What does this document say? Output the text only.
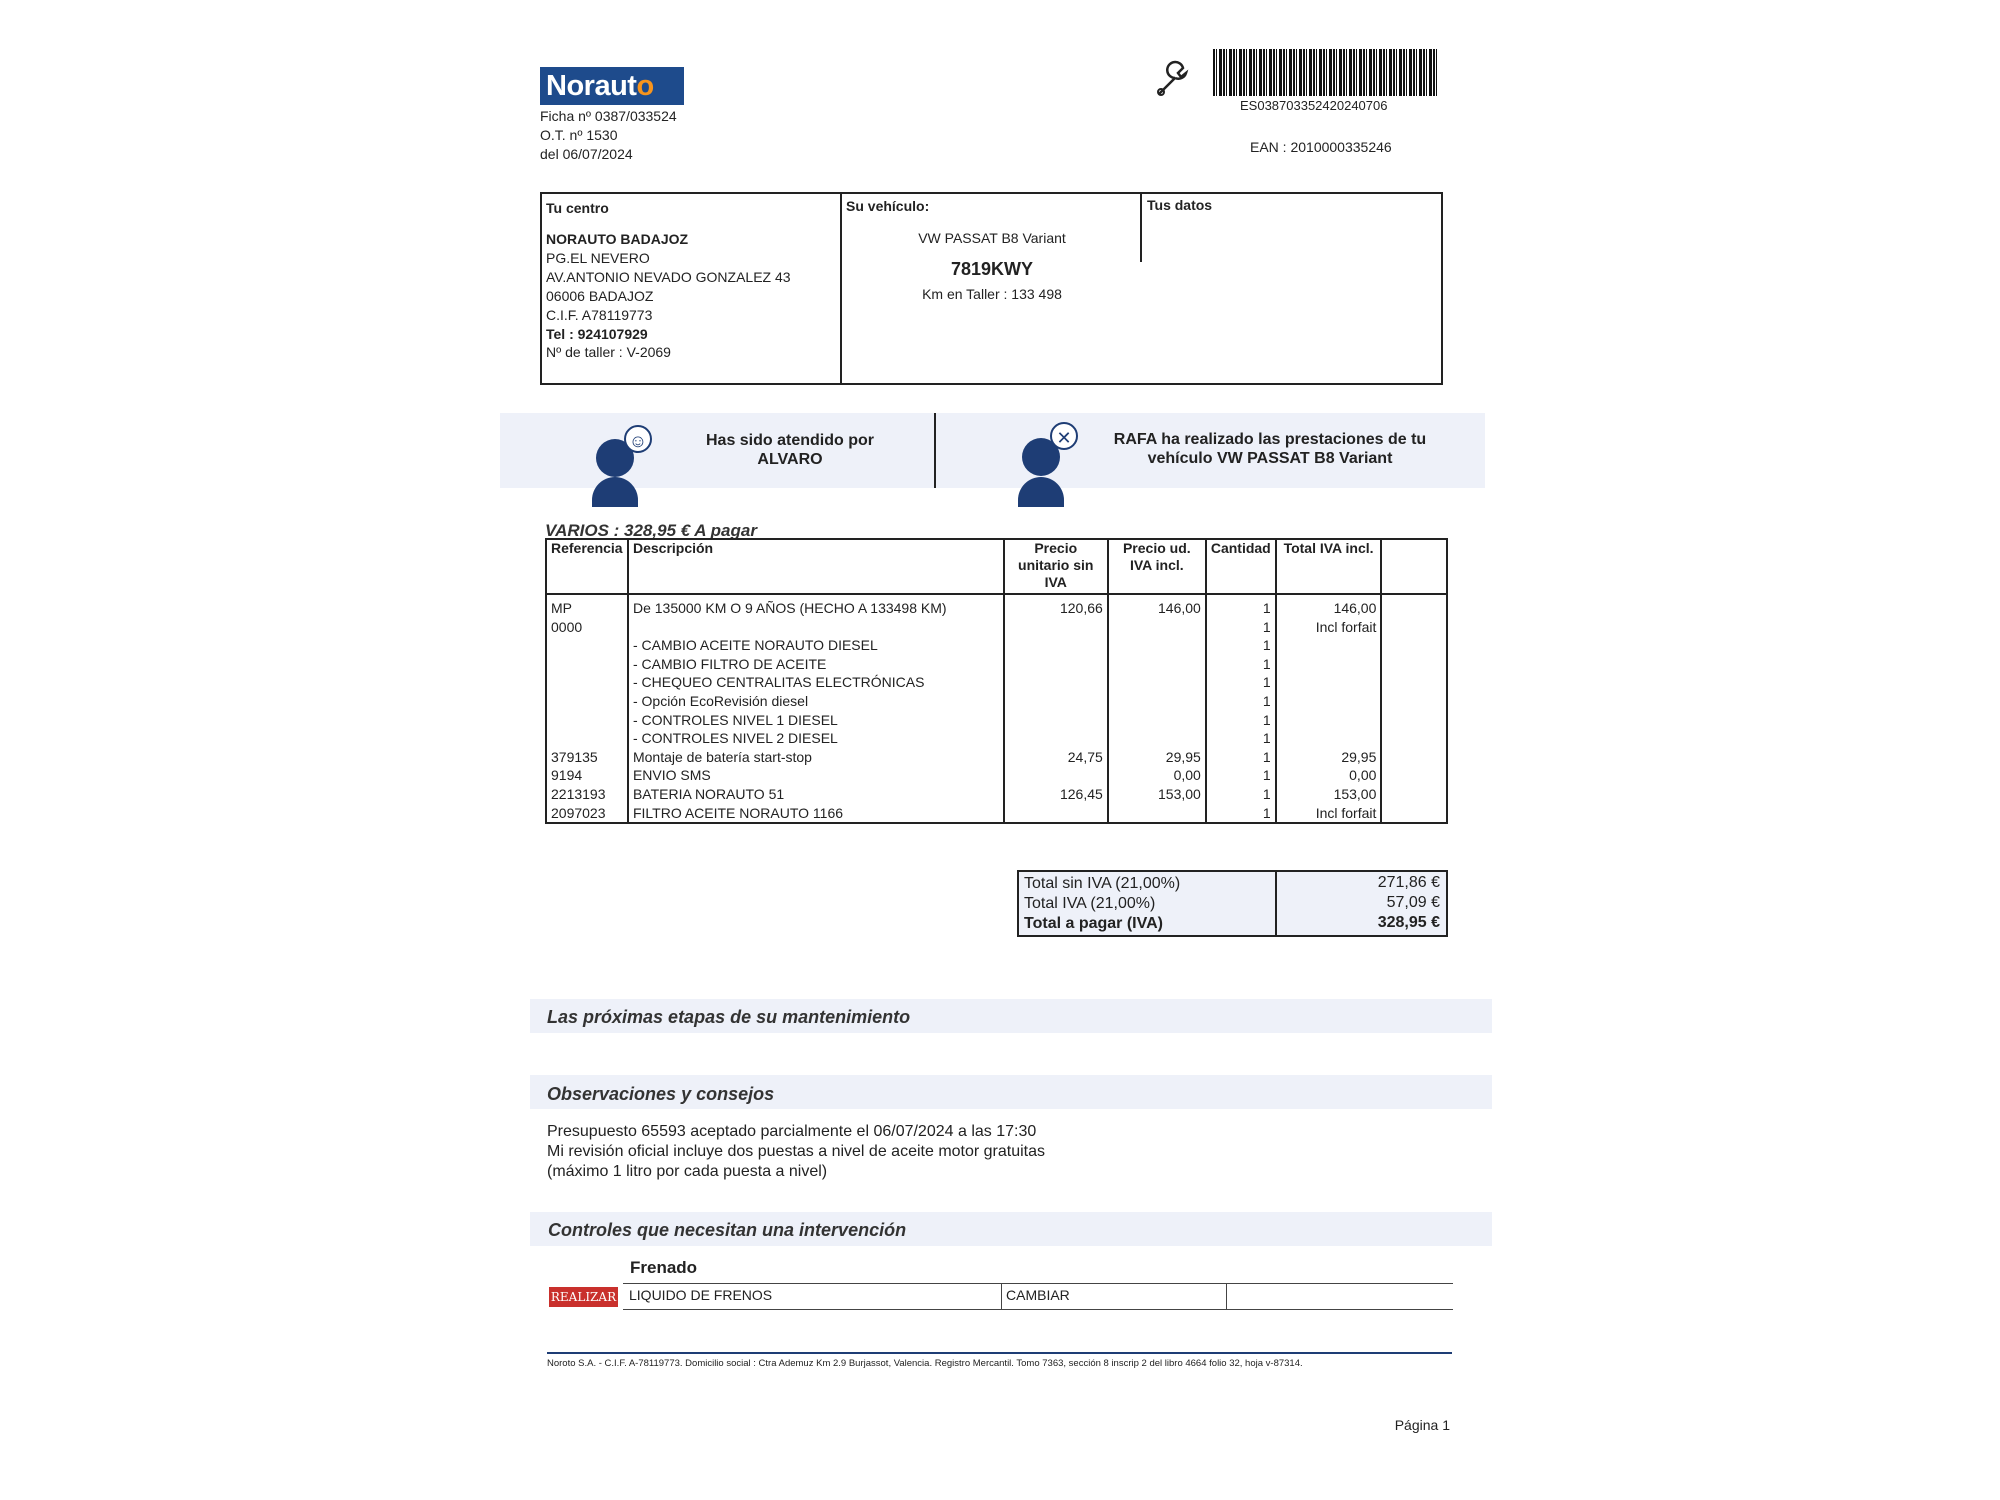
Norauto
Ficha nº 0387/033524
O.T. nº 1530
del 06/07/2024
ES038703352420240706
EAN : 2010000335246
Tu centro
NORAUTO BADAJOZ
PG.EL NEVERO
AV.ANTONIO NEVADO GONZALEZ 43
06006 BADAJOZ
C.I.F. A78119773
Tel : 924107929
Nº de taller : V-2069
Su vehículo:
VW PASSAT B8 Variant
7819KWY
Km en Taller : 133 498
Tus datos
☺	Has sido atendido por
ALVARO
✕	RAFA ha realizado las prestaciones de tu
vehículo VW PASSAT B8 Variant
VARIOS : 328,95 € A pagar
Referencia	Descripción	Precio unitario sin IVA	Precio ud. IVA incl.	Cantidad	Total IVA incl.	
MP	De 135000 KM O 9 AÑOS (HECHO A 133498 KM)	120,66	146,00	1	146,00	
0000				1	Incl forfait	
	- CAMBIO ACEITE NORAUTO DIESEL			1		
	- CAMBIO FILTRO DE ACEITE			1		
	- CHEQUEO CENTRALITAS ELECTRÓNICAS			1		
	- Opción EcoRevisión diesel			1		
	- CONTROLES NIVEL 1 DIESEL			1		
	- CONTROLES NIVEL 2 DIESEL			1		
379135	Montaje de batería start-stop	24,75	29,95	1	29,95	
9194	ENVIO SMS		0,00	1	0,00	
2213193	BATERIA NORAUTO 51	126,45	153,00	1	153,00	
2097023	FILTRO ACEITE NORAUTO 1166			1	Incl forfait	
Total sin IVA (21,00%)	271,86 €
Total IVA (21,00%)	57,09 €
Total a pagar (IVA)	328,95 €
Las próximas etapas de su mantenimiento
Observaciones y consejos
Presupuesto 65593 aceptado parcialmente el 06/07/2024 a las 17:30
Mi revisión oficial incluye dos puestas a nivel de aceite motor gratuitas
(máximo 1 litro por cada puesta a nivel)
Controles que necesitan una intervención
Frenado
REALIZAR LIQUIDO DE FRENOS	CAMBIAR
Noroto S.A. - C.I.F. A-78119773. Domicilio social : Ctra Ademuz Km 2.9 Burjassot, Valencia. Registro Mercantil. Tomo 7363, sección 8 inscrip 2 del libro 4664 folio 32, hoja v-87314.
Página 1
